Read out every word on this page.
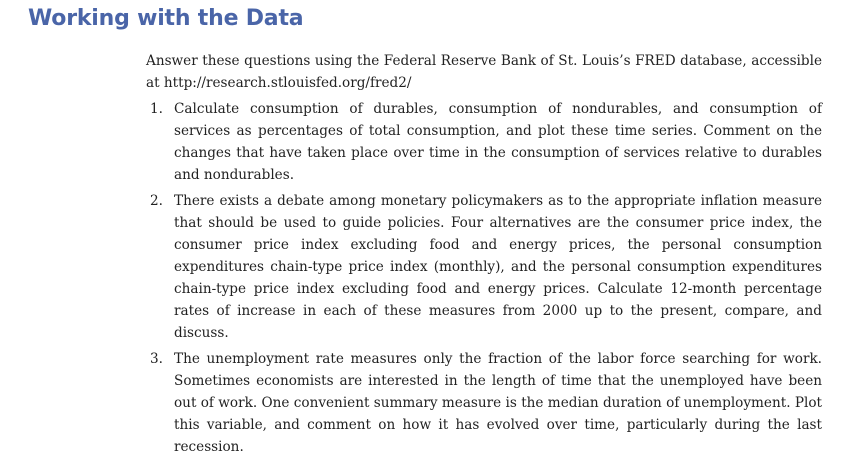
Working with the Data

Answer these questions using the Federal Reserve Bank of St. Louis’s FRED database, accessible at http://research.stlouisfed.org/fred2/

1. Calculate consumption of durables, consumption of nondurables, and consumption of services as percentages of total consumption, and plot these time series. Comment on the changes that have taken place over time in the consumption of services relative to durables and nondurables.
2. There exists a debate among monetary policymakers as to the appropriate inflation measure that should be used to guide policies. Four alternatives are the consumer price index, the consumer price index excluding food and energy prices, the personal consumption expenditures chain-type price index (monthly), and the personal consumption expenditures chain-type price index excluding food and energy prices. Calculate 12-month percentage rates of increase in each of these measures from 2000 up to the present, compare, and discuss.
3. The unemployment rate measures only the fraction of the labor force searching for work. Sometimes economists are interested in the length of time that the unemployed have been out of work. One convenient summary measure is the median duration of unemployment. Plot this variable, and comment on how it has evolved over time, particularly during the last recession.
